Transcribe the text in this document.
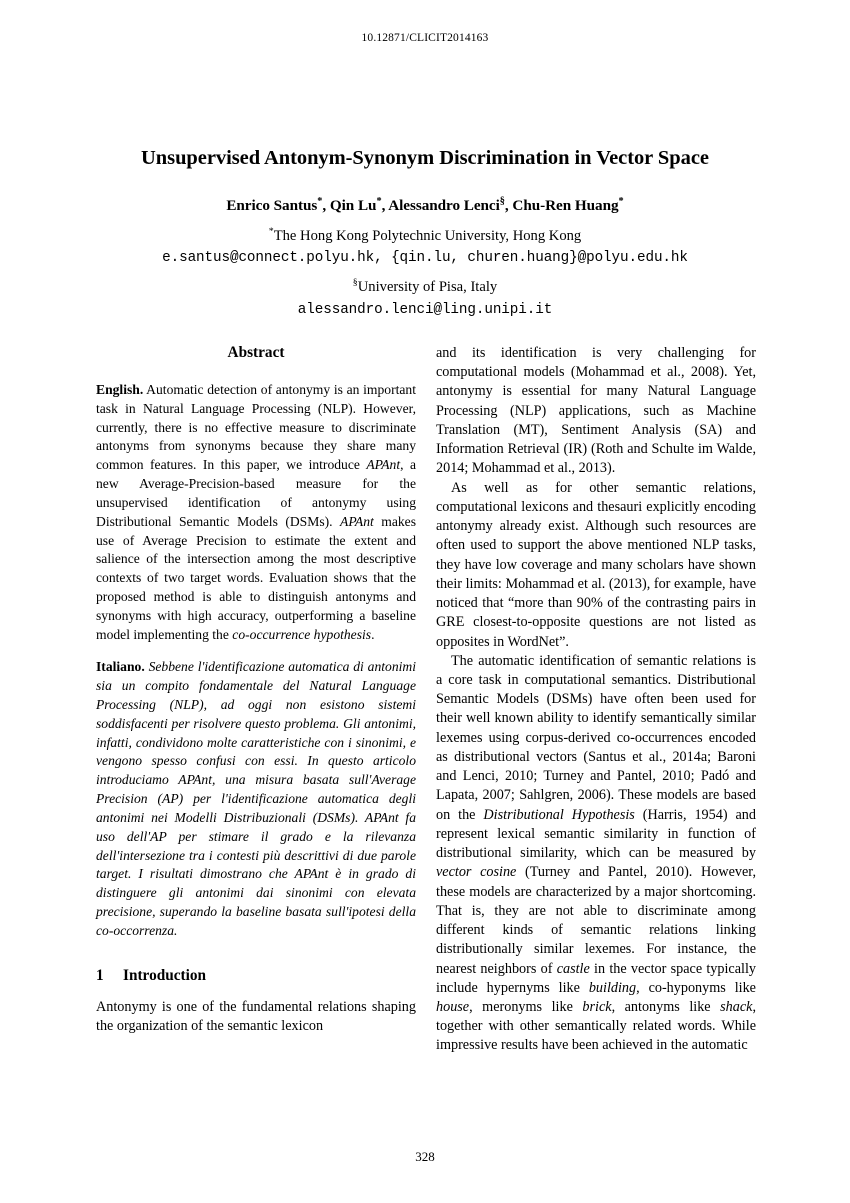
10.12871/CLICIT2014163
Unsupervised Antonym-Synonym Discrimination in Vector Space
Enrico Santus*, Qin Lu*, Alessandro Lenci§, Chu-Ren Huang*
*The Hong Kong Polytechnic University, Hong Kong
e.santus@connect.polyu.hk, {qin.lu, churen.huang}@polyu.edu.hk
§University of Pisa, Italy
alessandro.lenci@ling.unipi.it
Abstract

English. Automatic detection of antonymy is an important task in Natural Language Processing (NLP). However, currently, there is no effective measure to discriminate antonyms from synonyms because they share many common features. In this paper, we introduce APAnt, a new Average-Precision-based measure for the unsupervised identification of antonymy using Distributional Semantic Models (DSMs). APAnt makes use of Average Precision to estimate the extent and salience of the intersection among the most descriptive contexts of two target words. Evaluation shows that the proposed method is able to distinguish antonyms and synonyms with high accuracy, outperforming a baseline model implementing the co-occurrence hypothesis.

Italiano. Sebbene l'identificazione automatica di antonimi sia un compito fondamentale del Natural Language Processing (NLP), ad oggi non esistono sistemi soddisfacenti per risolvere questo problema. Gli antonimi, infatti, condividono molte caratteristiche con i sinonimi, e vengono spesso confusi con essi. In questo articolo introduciamo APAnt, una misura basata sull'Average Precision (AP) per l'identificazione automatica degli antonimi nei Modelli Distribuzionali (DSMs). APAnt fa uso dell'AP per stimare il grado e la rilevanza dell'intersezione tra i contesti più descrittivi di due parole target. I risultati dimostrano che APAnt è in grado di distinguere gli antonimi dai sinonimi con elevata precisione, superando la baseline basata sull'ipotesi della co-occorrenza.

1	Introduction

Antonymy is one of the fundamental relations shaping the organization of the semantic lexicon

and its identification is very challenging for computational models (Mohammad et al., 2008). Yet, antonymy is essential for many Natural Language Processing (NLP) applications, such as Machine Translation (MT), Sentiment Analysis (SA) and Information Retrieval (IR) (Roth and Schulte im Walde, 2014; Mohammad et al., 2013).

As well as for other semantic relations, computational lexicons and thesauri explicitly encoding antonymy already exist. Although such resources are often used to support the above mentioned NLP tasks, they have low coverage and many scholars have shown their limits: Mohammad et al. (2013), for example, have noticed that “more than 90% of the contrasting pairs in GRE closest-to-opposite questions are not listed as opposites in WordNet”.

The automatic identification of semantic relations is a core task in computational semantics. Distributional Semantic Models (DSMs) have often been used for their well known ability to identify semantically similar lexemes using corpus-derived co-occurrences encoded as distributional vectors (Santus et al., 2014a; Baroni and Lenci, 2010; Turney and Pantel, 2010; Padó and Lapata, 2007; Sahlgren, 2006). These models are based on the Distributional Hypothesis (Harris, 1954) and represent lexical semantic similarity in function of distributional similarity, which can be measured by vector cosine (Turney and Pantel, 2010). However, these models are characterized by a major shortcoming. That is, they are not able to discriminate among different kinds of semantic relations linking distributionally similar lexemes. For instance, the nearest neighbors of castle in the vector space typically include hypernyms like building, co-hyponyms like house, meronyms like brick, antonyms like shack, together with other semantically related words. While impressive results have been achieved in the automatic

328
